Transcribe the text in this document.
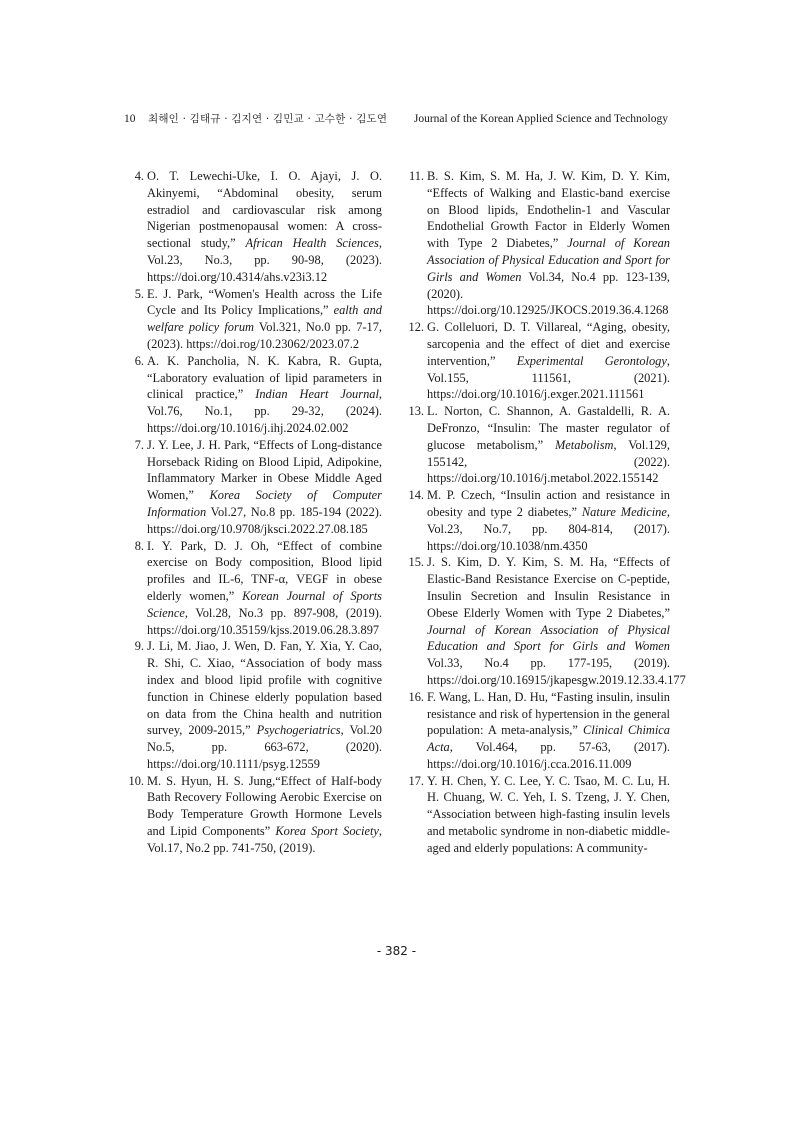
10 최해인 · 김태규 · 김지연 · 김민교 · 고수한 · 김도연 Journal of the Korean Applied Science and Technology
4. O. T. Lewechi-Uke, I. O. Ajayi, J. O. Akinyemi, “Abdominal obesity, serum estradiol and cardiovascular risk among Nigerian postmenopausal women: A cross-sectional study,” African Health Sciences, Vol.23, No.3, pp. 90-98, (2023). https://doi.org/10.4314/ahs.v23i3.12
5. E. J. Park, “Women's Health across the Life Cycle and Its Policy Implications,” ealth and welfare policy forum Vol.321, No.0 pp. 7-17, (2023). https://doi.rog/10.23062/2023.07.2
6. A. K. Pancholia, N. K. Kabra, R. Gupta, “Laboratory evaluation of lipid parameters in clinical practice,” Indian Heart Journal, Vol.76, No.1, pp. 29-32, (2024). https://doi.org/10.1016/j.ihj.2024.02.002
7. J. Y. Lee, J. H. Park, “Effects of Long-distance Horseback Riding on Blood Lipid, Adipokine, Inflammatory Marker in Obese Middle Aged Women,” Korea Society of Computer Information Vol.27, No.8 pp. 185-194 (2022). https://doi.org/10.9708/jksci.2022.27.08.185
8. I. Y. Park, D. J. Oh, “Effect of combine exercise on Body composition, Blood lipid profiles and IL-6, TNF-α, VEGF in obese elderly women,” Korean Journal of Sports Science, Vol.28, No.3 pp. 897-908, (2019). https://doi.org/10.35159/kjss.2019.06.28.3.897
9. J. Li, M. Jiao, J. Wen, D. Fan, Y. Xia, Y. Cao, R. Shi, C. Xiao, “Association of body mass index and blood lipid profile with cognitive function in Chinese elderly population based on data from the China health and nutrition survey, 2009-2015,” Psychogeriatrics, Vol.20 No.5, pp. 663-672, (2020). https://doi.org/10.1111/psyg.12559
10. M. S. Hyun, H. S. Jung,“Effect of Half-body Bath Recovery Following Aerobic Exercise on Body Temperature Growth Hormone Levels and Lipid Components” Korea Sport Society, Vol.17, No.2 pp. 741-750, (2019).
11. B. S. Kim, S. M. Ha, J. W. Kim, D. Y. Kim, “Effects of Walking and Elastic-band exercise on Blood lipids, Endothelin-1 and Vascular Endothelial Growth Factor in Elderly Women with Type 2 Diabetes,” Journal of Korean Association of Physical Education and Sport for Girls and Women Vol.34, No.4 pp. 123-139, (2020). https://doi.org/10.12925/JKOCS.2019.36.4.1268
12. G. Colleluori, D. T. Villareal, “Aging, obesity, sarcopenia and the effect of diet and exercise intervention,” Experimental Gerontology, Vol.155, 111561, (2021). https://doi.org/10.1016/j.exger.2021.111561
13. L. Norton, C. Shannon, A. Gastaldelli, R. A. DeFronzo, “Insulin: The master regulator of glucose metabolism,” Metabolism, Vol.129, 155142, (2022). https://doi.org/10.1016/j.metabol.2022.155142
14. M. P. Czech, “Insulin action and resistance in obesity and type 2 diabetes,” Nature Medicine, Vol.23, No.7, pp. 804-814, (2017). https://doi.org/10.1038/nm.4350
15. J. S. Kim, D. Y. Kim, S. M. Ha, “Effects of Elastic-Band Resistance Exercise on C-peptide, Insulin Secretion and Insulin Resistance in Obese Elderly Women with Type 2 Diabetes,” Journal of Korean Association of Physical Education and Sport for Girls and Women Vol.33, No.4 pp. 177-195, (2019). https://doi.org/10.16915/jkapesgw.2019.12.33.4.177
16. F. Wang, L. Han, D. Hu, “Fasting insulin, insulin resistance and risk of hypertension in the general population: A meta-analysis,” Clinical Chimica Acta, Vol.464, pp. 57-63, (2017). https://doi.org/10.1016/j.cca.2016.11.009
17. Y. H. Chen, Y. C. Lee, Y. C. Tsao, M. C. Lu, H. H. Chuang, W. C. Yeh, I. S. Tzeng, J. Y. Chen, “Association between high-fasting insulin levels and metabolic syndrome in non-diabetic middle-aged and elderly populations: A community-
- 382 -
